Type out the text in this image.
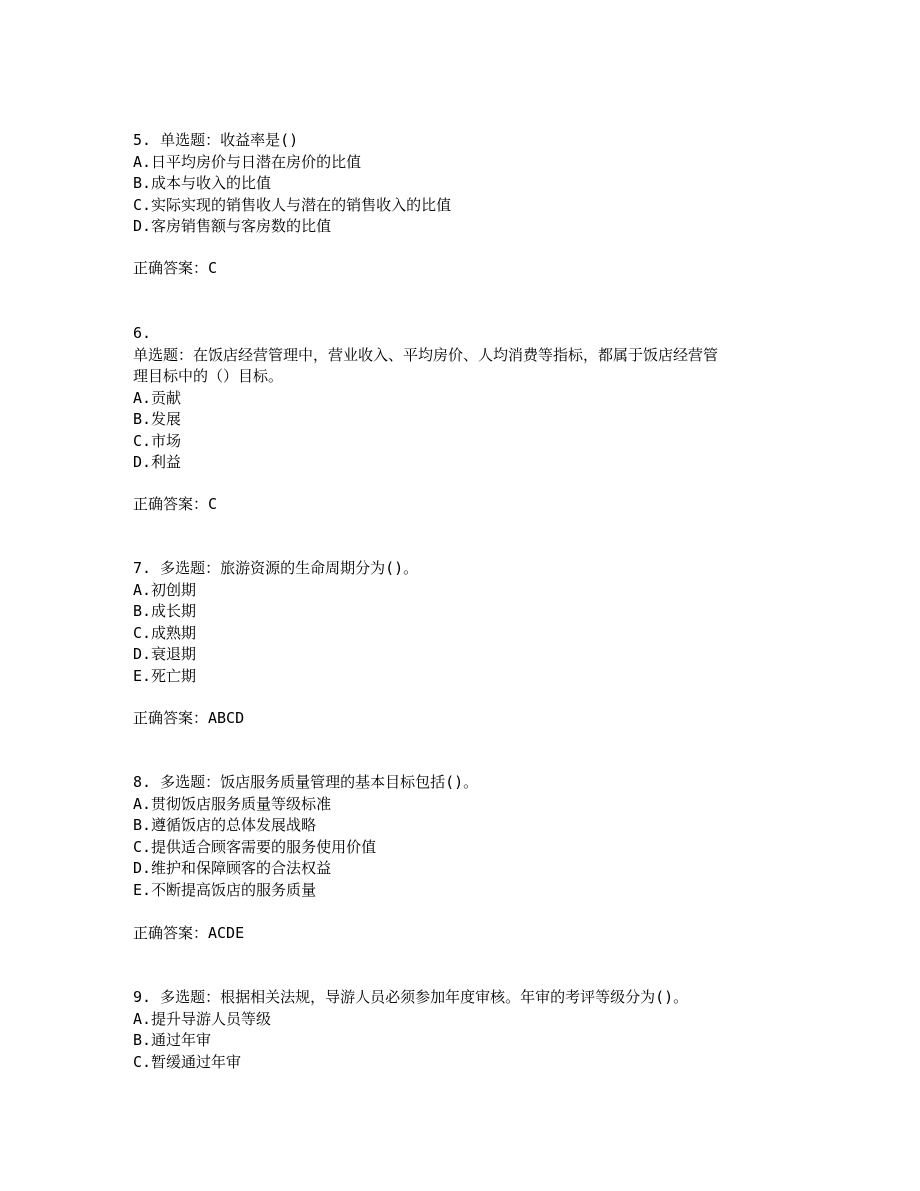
5. 单选题：收益率是()
A.日平均房价与日潜在房价的比值
B.成本与收入的比值
C.实际实现的销售收人与潜在的销售收入的比值
D.客房销售额与客房数的比值
正确答案：C
6.
单选题：在饭店经营管理中，营业收入、平均房价、人均消费等指标，都属于饭店经营管
理目标中的（）目标。
A.贡献
B.发展
C.市场
D.利益
正确答案：C
7. 多选题：旅游资源的生命周期分为()。
A.初创期
B.成长期
C.成熟期
D.衰退期
E.死亡期
正确答案：ABCD
8. 多选题：饭店服务质量管理的基本目标包括()。
A.贯彻饭店服务质量等级标准
B.遵循饭店的总体发展战略
C.提供适合顾客需要的服务使用价值
D.维护和保障顾客的合法权益
E.不断提高饭店的服务质量
正确答案：ACDE
9. 多选题：根据相关法规，导游人员必须参加年度审核。年审的考评等级分为()。
A.提升导游人员等级
B.通过年审
C.暂缓通过年审
